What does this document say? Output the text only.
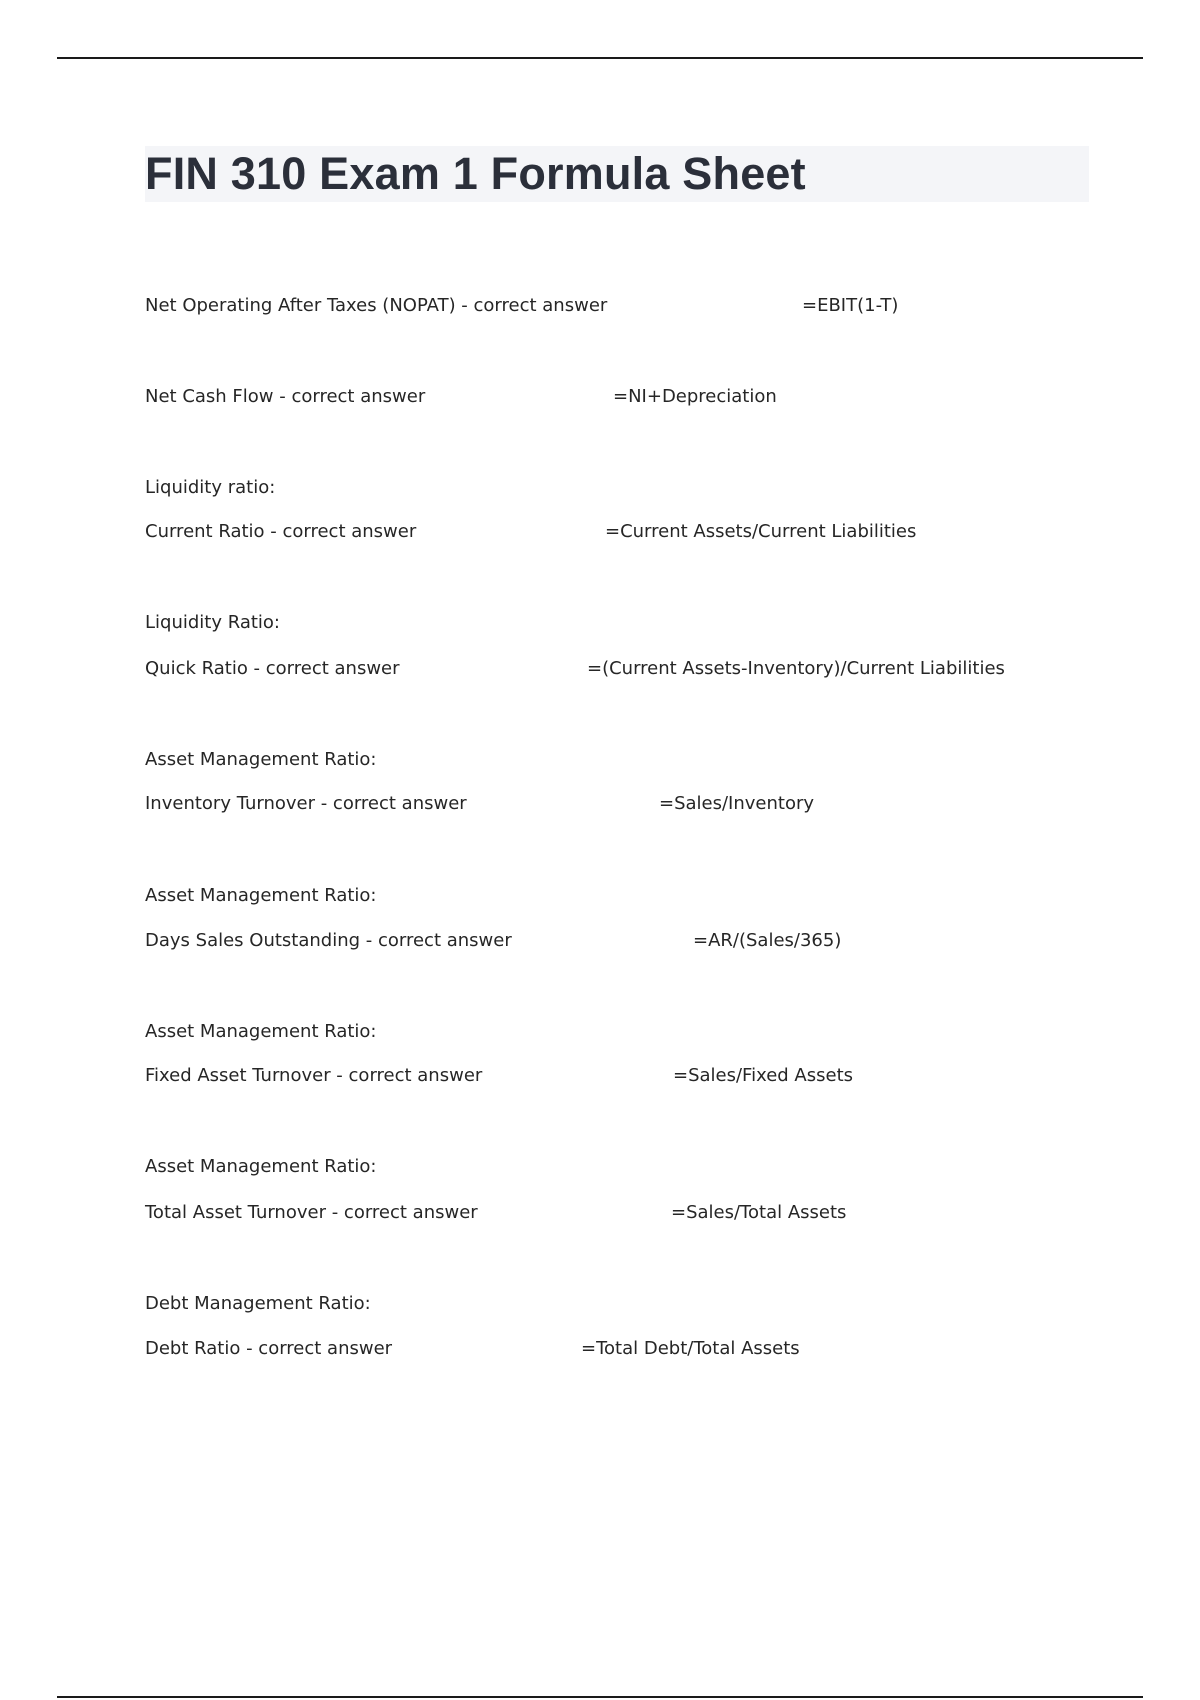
FIN 310 Exam 1 Formula Sheet
Net Operating After Taxes (NOPAT) - correct answer	=EBIT(1-T)
Net Cash Flow - correct answer	=NI+Depreciation
Liquidity ratio:
Current Ratio - correct answer	=Current Assets/Current Liabilities
Liquidity Ratio:
Quick Ratio - correct answer	=(Current Assets-Inventory)/Current Liabilities
Asset Management Ratio:
Inventory Turnover - correct answer	=Sales/Inventory
Asset Management Ratio:
Days Sales Outstanding - correct answer	=AR/(Sales/365)
Asset Management Ratio:
Fixed Asset Turnover - correct answer	=Sales/Fixed Assets
Asset Management Ratio:
Total Asset Turnover - correct answer	=Sales/Total Assets
Debt Management Ratio:
Debt Ratio - correct answer	=Total Debt/Total Assets
